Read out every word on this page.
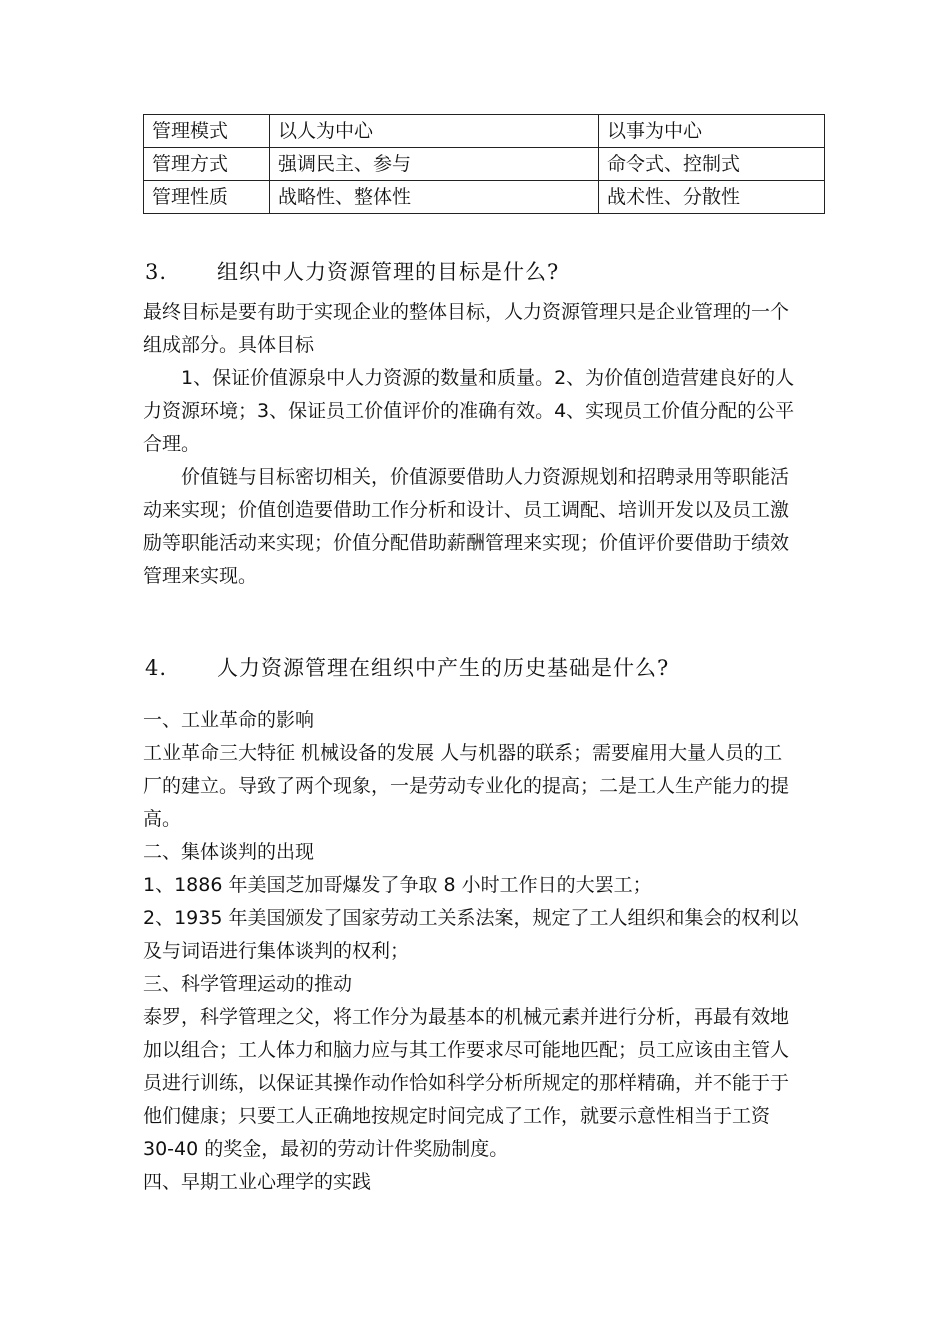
管理模式	以人为中心	以事为中心
管理方式	强调民主、参与	命令式、控制式
管理性质	战略性、整体性	战术性、分散性
3. 组织中人力资源管理的目标是什么?
最终目标是要有助于实现企业的整体目标，人力资源管理只是企业管理的一个
组成部分。具体目标
1、保证价值源泉中人力资源的数量和质量。2、为价值创造营建良好的人
力资源环境；3、保证员工价值评价的准确有效。4、实现员工价值分配的公平
合理。
价值链与目标密切相关，价值源要借助人力资源规划和招聘录用等职能活
动来实现；价值创造要借助工作分析和设计、员工调配、培训开发以及员工激
励等职能活动来实现；价值分配借助薪酬管理来实现；价值评价要借助于绩效
管理来实现。
4. 人力资源管理在组织中产生的历史基础是什么?
一、工业革命的影响
工业革命三大特征 机械设备的发展 人与机器的联系；需要雇用大量人员的工
厂的建立。导致了两个现象，一是劳动专业化的提高；二是工人生产能力的提
高。
二、集体谈判的出现
1、1886 年美国芝加哥爆发了争取 8 小时工作日的大罢工；
2、1935 年美国颁发了国家劳动工关系法案，规定了工人组织和集会的权利以
及与词语进行集体谈判的权利；
三、科学管理运动的推动
泰罗，科学管理之父，将工作分为最基本的机械元素并进行分析，再最有效地
加以组合；工人体力和脑力应与其工作要求尽可能地匹配；员工应该由主管人
员进行训练，以保证其操作动作恰如科学分析所规定的那样精确，并不能于于
他们健康；只要工人正确地按规定时间完成了工作，就要示意性相当于工资
30-40 的奖金，最初的劳动计件奖励制度。
四、早期工业心理学的实践
